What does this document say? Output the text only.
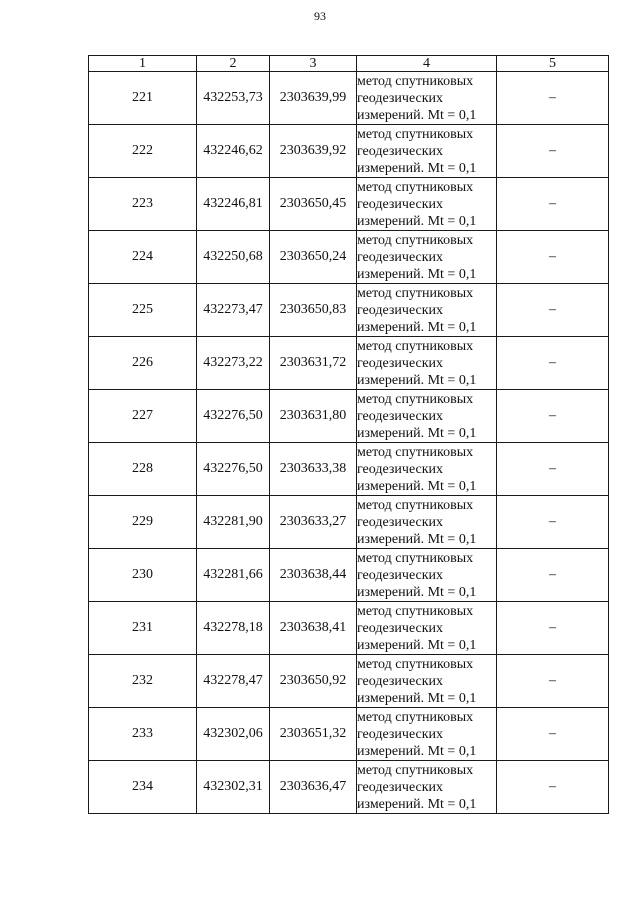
93
1	2	3	4	5
221	432253,73	2303639,99	метод спутниковых
геодезических
измерений. Mt = 0,1	–
222	432246,62	2303639,92	метод спутниковых
геодезических
измерений. Mt = 0,1	–
223	432246,81	2303650,45	метод спутниковых
геодезических
измерений. Mt = 0,1	–
224	432250,68	2303650,24	метод спутниковых
геодезических
измерений. Mt = 0,1	–
225	432273,47	2303650,83	метод спутниковых
геодезических
измерений. Mt = 0,1	–
226	432273,22	2303631,72	метод спутниковых
геодезических
измерений. Mt = 0,1	–
227	432276,50	2303631,80	метод спутниковых
геодезических
измерений. Mt = 0,1	–
228	432276,50	2303633,38	метод спутниковых
геодезических
измерений. Mt = 0,1	–
229	432281,90	2303633,27	метод спутниковых
геодезических
измерений. Mt = 0,1	–
230	432281,66	2303638,44	метод спутниковых
геодезических
измерений. Mt = 0,1	–
231	432278,18	2303638,41	метод спутниковых
геодезических
измерений. Mt = 0,1	–
232	432278,47	2303650,92	метод спутниковых
геодезических
измерений. Mt = 0,1	–
233	432302,06	2303651,32	метод спутниковых
геодезических
измерений. Mt = 0,1	–
234	432302,31	2303636,47	метод спутниковых
геодезических
измерений. Mt = 0,1	–
